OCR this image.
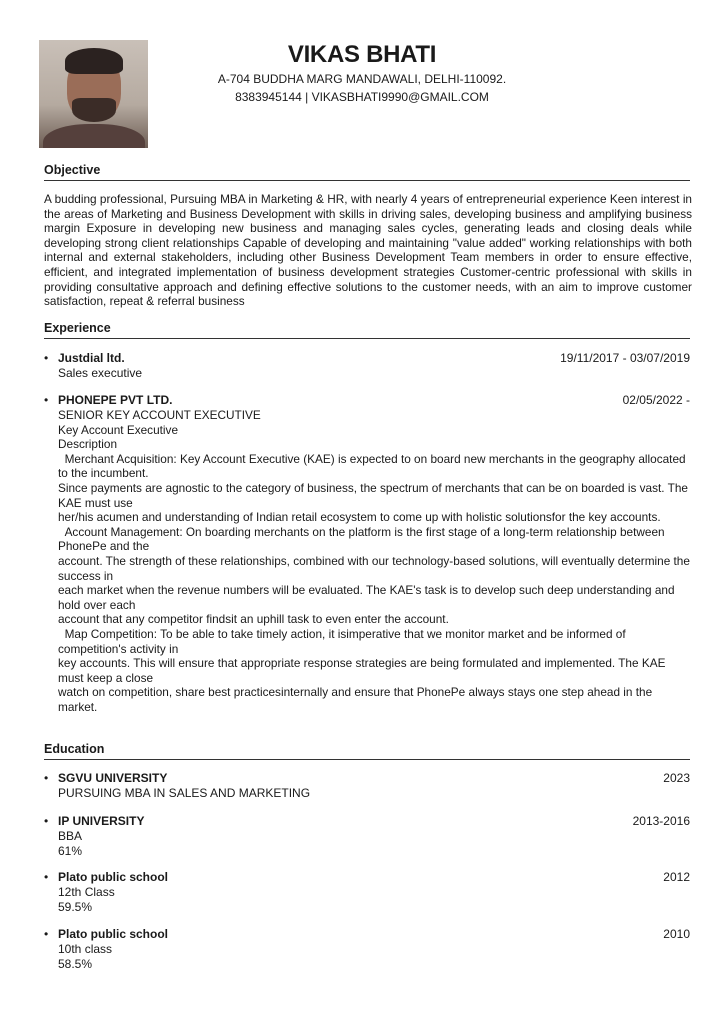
VIKAS BHATI
A-704 BUDDHA MARG MANDAWALI, DELHI-110092.
8383945144 | VIKASBHATI9990@GMAIL.COM
Objective
A budding professional, Pursuing MBA in Marketing & HR, with nearly 4 years of entrepreneurial experience Keen interest in the areas of Marketing and Business Development with skills in driving sales, developing business and amplifying business margin Exposure in developing new business and managing sales cycles, generating leads and closing deals while developing strong client relationships Capable of developing and maintaining "value added" working relationships with both internal and external stakeholders, including other Business Development Team members in order to ensure effective, efficient, and integrated implementation of business development strategies Customer-centric professional with skills in providing consultative approach and defining effective solutions to the customer needs, with an aim to improve customer satisfaction, repeat & referral business
Experience
• Justdial ltd.	19/11/2017 - 03/07/2019
Sales executive
• PHONEPE PVT LTD.	02/05/2022 -
SENIOR KEY ACCOUNT EXECUTIVE
Key Account Executive
Description
Merchant Acquisition: Key Account Executive (KAE) is expected to on board new merchants in the geography allocated to the incumbent.
Since payments are agnostic to the category of business, the spectrum of merchants that can be on boarded is vast. The KAE must use
her/his acumen and understanding of Indian retail ecosystem to come up with holistic solutionsfor the key accounts.
Account Management: On boarding merchants on the platform is the first stage of a long-term relationship between PhonePe and the
account. The strength of these relationships, combined with our technology-based solutions, will eventually determine the success in
each market when the revenue numbers will be evaluated. The KAE's task is to develop such deep understanding and hold over each
account that any competitor findsit an uphill task to even enter the account.
Map Competition: To be able to take timely action, it isimperative that we monitor market and be informed of competition's activity in
key accounts. This will ensure that appropriate response strategies are being formulated and implemented. The KAE must keep a close
watch on competition, share best practicesinternally and ensure that PhonePe always stays one step ahead in the market.
Education
• SGVU UNIVERSITY	2023
PURSUING MBA IN SALES AND MARKETING
• IP UNIVERSITY	2013-2016
BBA
61%
• Plato public school	2012
12th Class
59.5%
• Plato public school	2010
10th class
58.5%
